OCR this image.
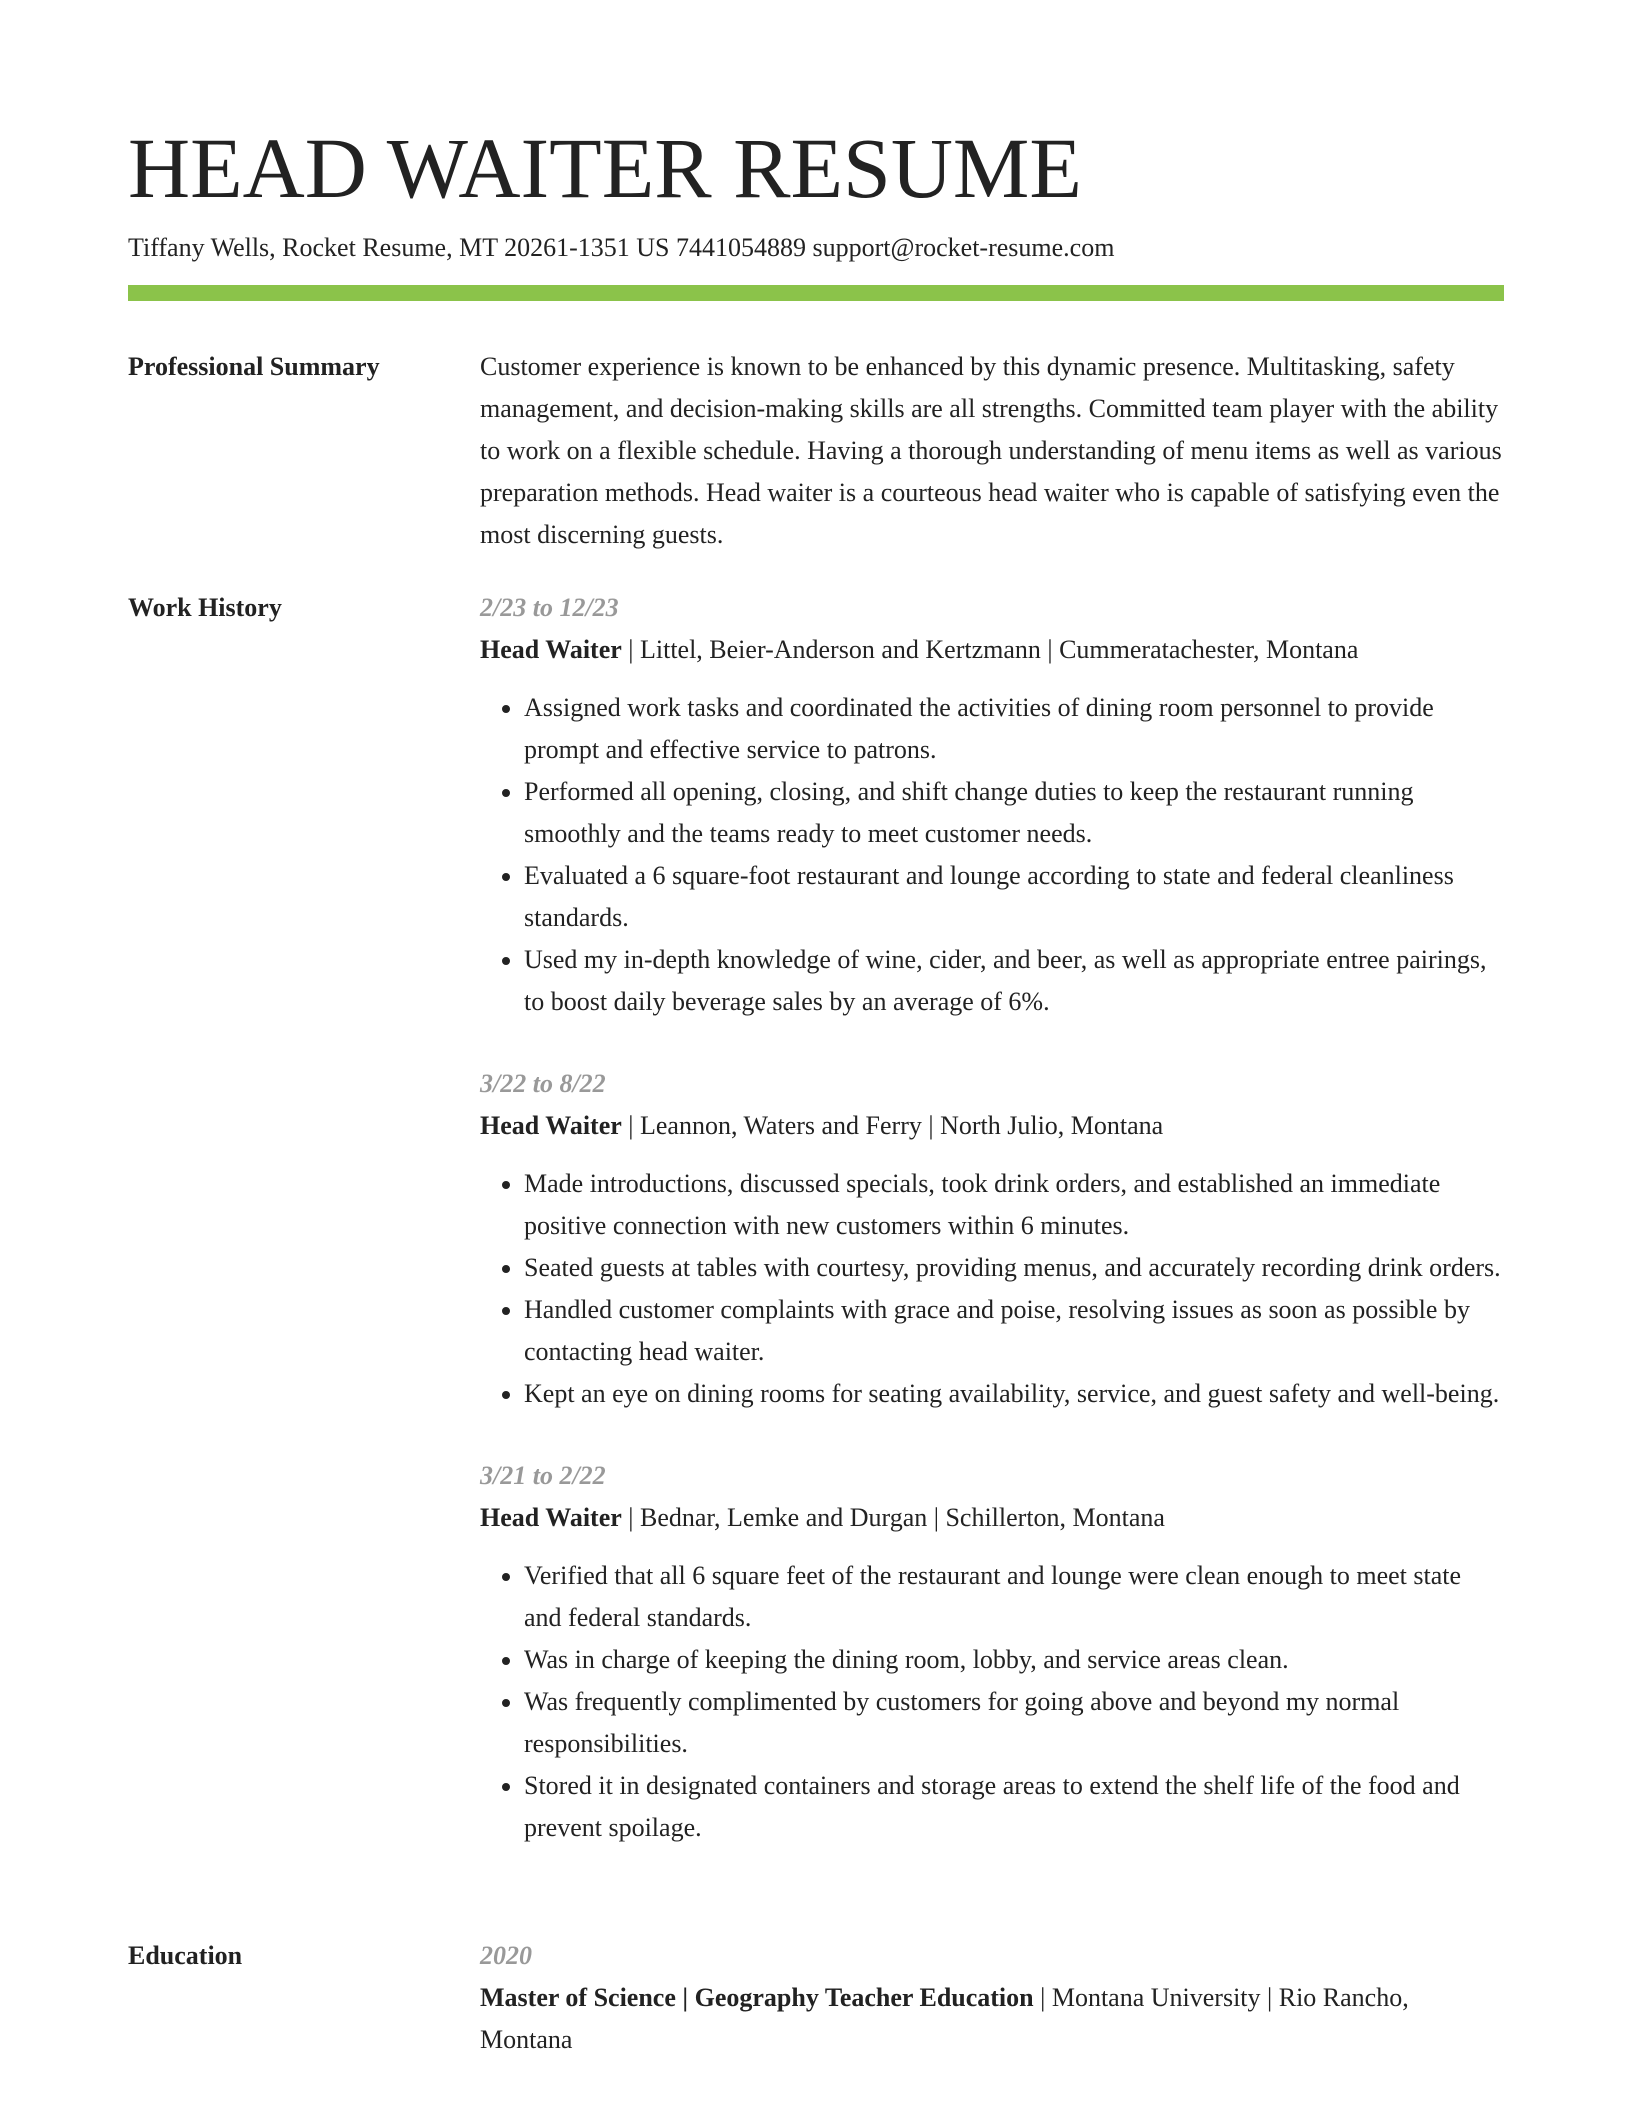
HEAD WAITER RESUME
Tiffany Wells, Rocket Resume, MT 20261-1351 US 7441054889 support@rocket-resume.com
Professional Summary	Customer experience is known to be enhanced by this dynamic presence. Multitasking, safety management, and decision-making skills are all strengths. Committed team player with the ability to work on a flexible schedule. Having a thorough understanding of menu items as well as various preparation methods. Head waiter is a courteous head waiter who is capable of satisfying even the most discerning guests.

Work History	2/23 to 12/23

Head Waiter | Littel, Beier-Anderson and Kertzmann | Cummeratachester, Montana

• Assigned work tasks and coordinated the activities of dining room personnel to provide prompt and effective service to patrons.
• Performed all opening, closing, and shift change duties to keep the restaurant running smoothly and the teams ready to meet customer needs.
• Evaluated a 6 square-foot restaurant and lounge according to state and federal cleanliness standards.
• Used my in-depth knowledge of wine, cider, and beer, as well as appropriate entree pairings, to boost daily beverage sales by an average of 6%.

3/22 to 8/22

Head Waiter | Leannon, Waters and Ferry | North Julio, Montana

• Made introductions, discussed specials, took drink orders, and established an immediate positive connection with new customers within 6 minutes.
• Seated guests at tables with courtesy, providing menus, and accurately recording drink orders.
• Handled customer complaints with grace and poise, resolving issues as soon as possible by contacting head waiter.
• Kept an eye on dining rooms for seating availability, service, and guest safety and well-being.

3/21 to 2/22

Head Waiter | Bednar, Lemke and Durgan | Schillerton, Montana

• Verified that all 6 square feet of the restaurant and lounge were clean enough to meet state and federal standards.
• Was in charge of keeping the dining room, lobby, and service areas clean.
• Was frequently complimented by customers for going above and beyond my normal responsibilities.
• Stored it in designated containers and storage areas to extend the shelf life of the food and prevent spoilage.
Education	2020

Master of Science | Geography Teacher Education | Montana University | Rio Rancho, Montana
